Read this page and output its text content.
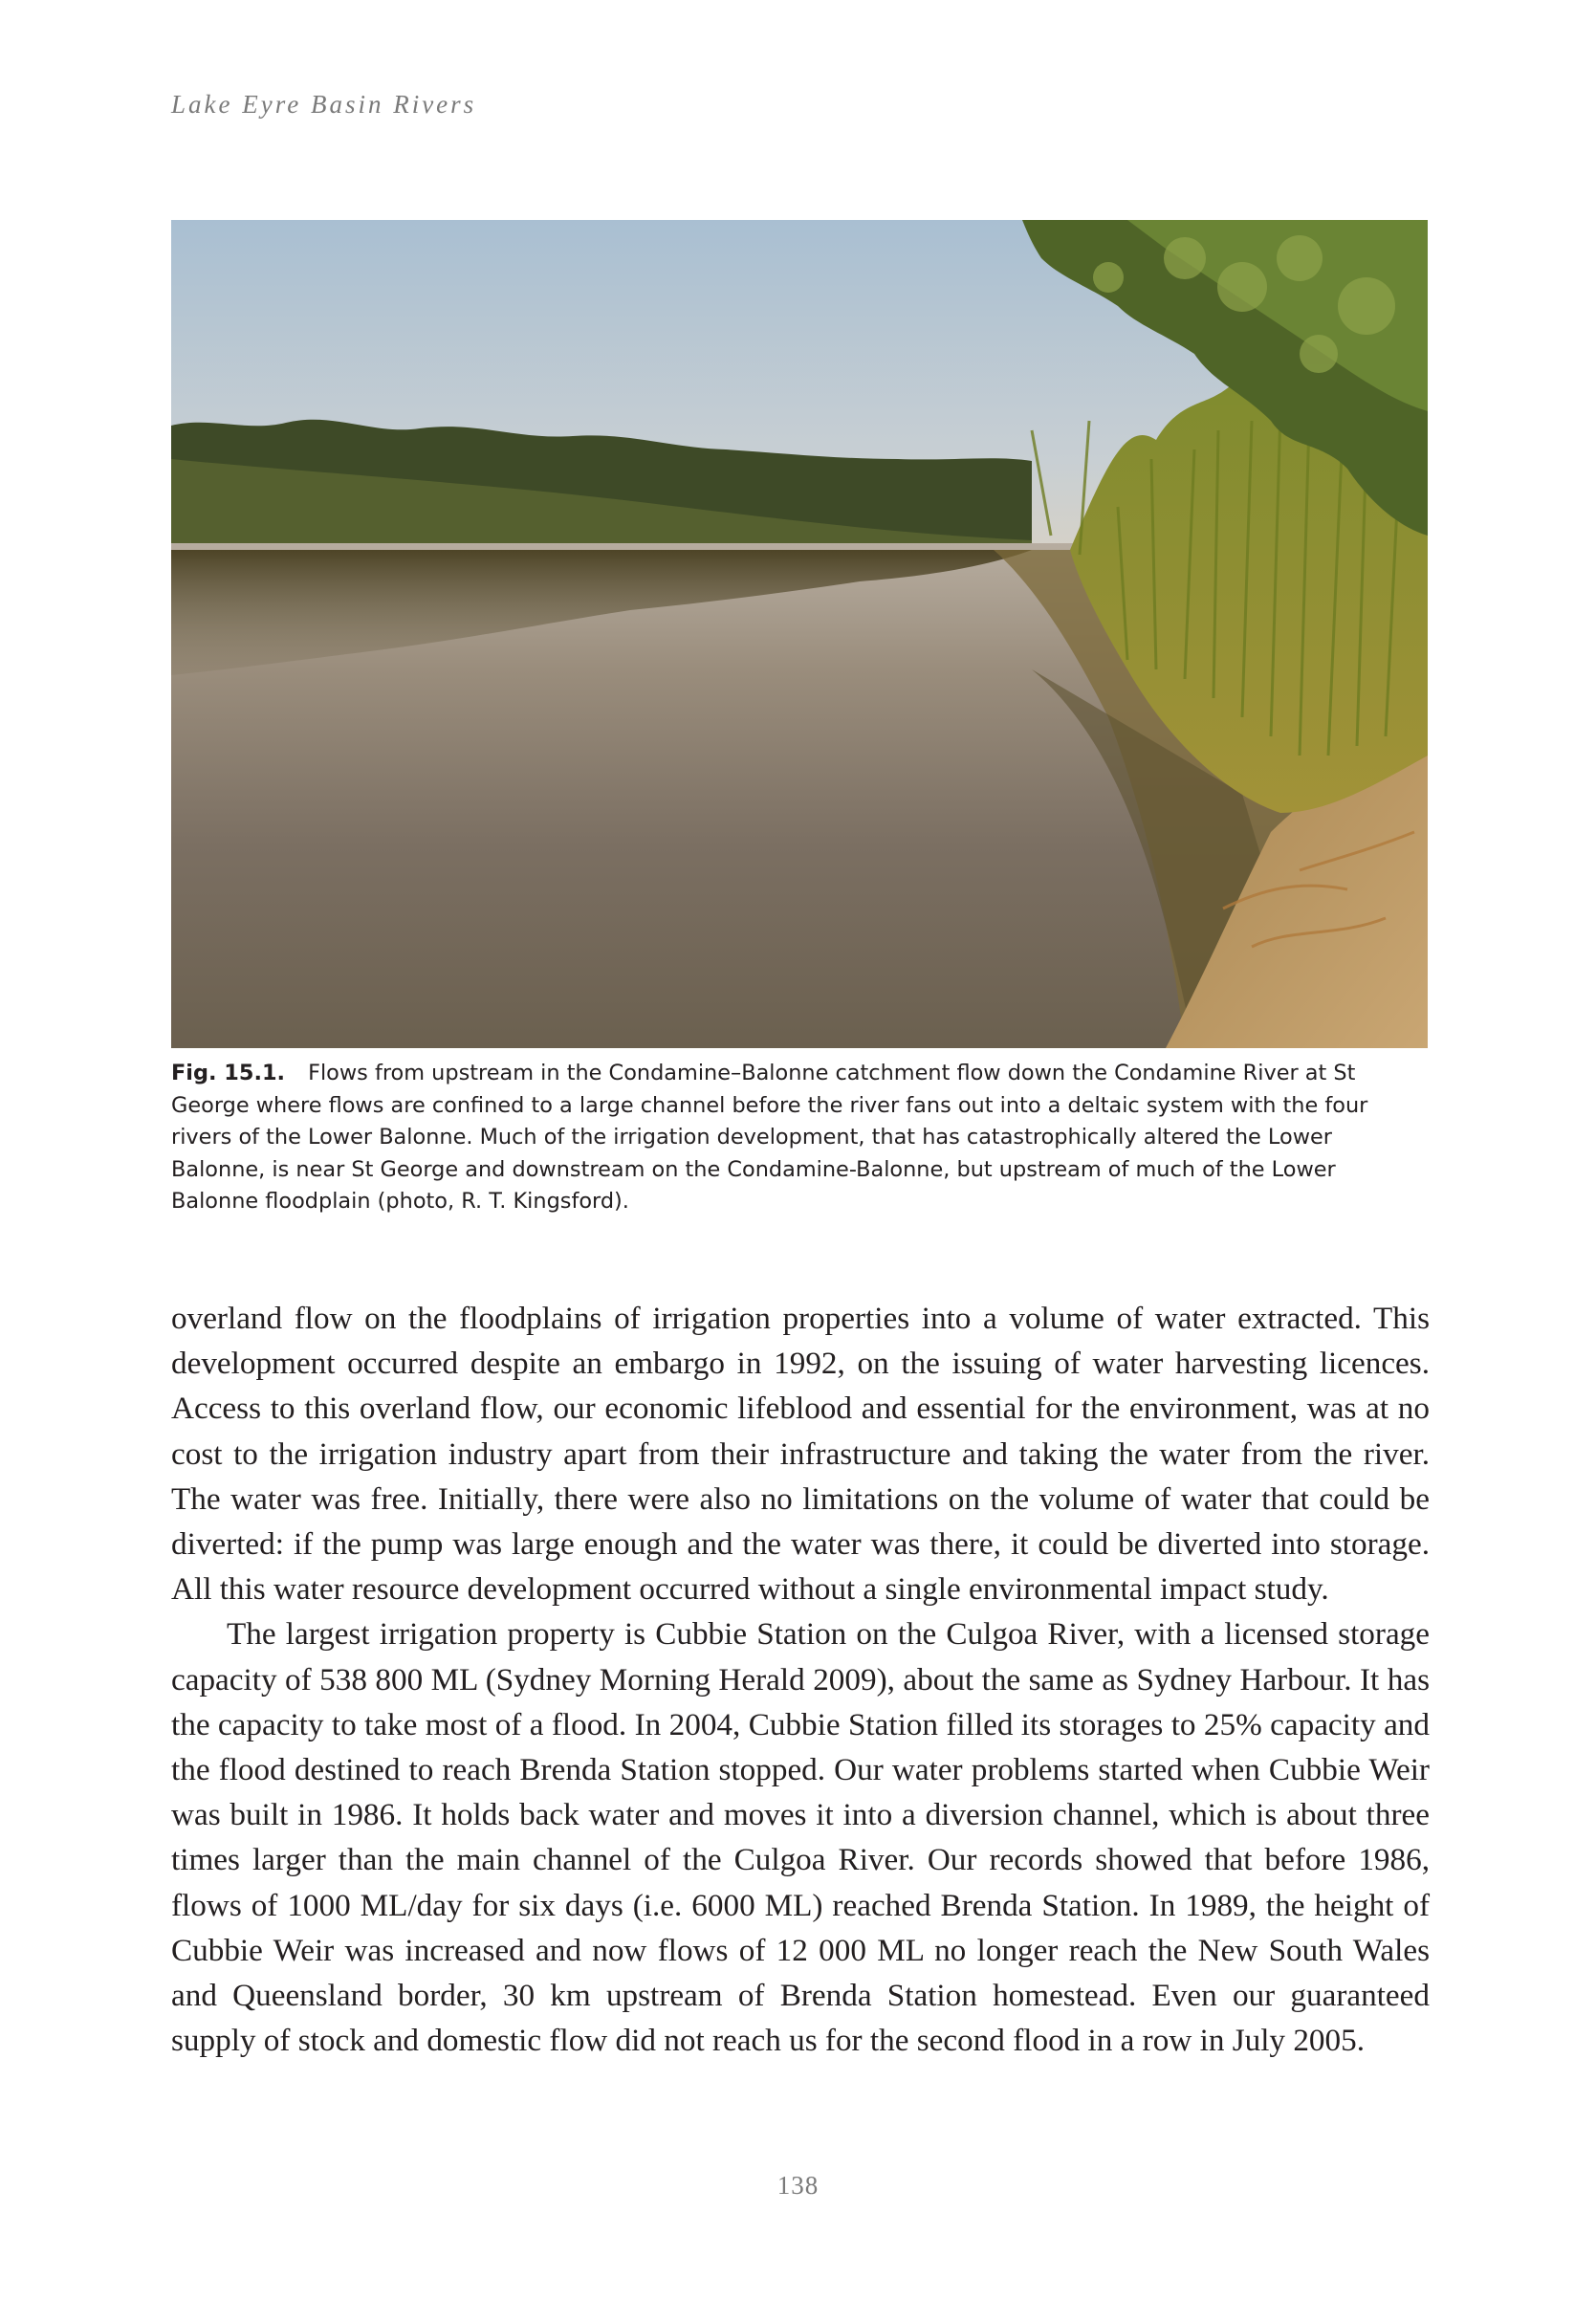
Lake Eyre Basin Rivers
Fig. 15.1. Flows from upstream in the Condamine–Balonne catchment flow down the Condamine River at St George where flows are confined to a large channel before the river fans out into a deltaic system with the four rivers of the Lower Balonne. Much of the irrigation development, that has catastrophically altered the Lower Balonne, is near St George and downstream on the Condamine-Balonne, but upstream of much of the Lower Balonne floodplain (photo, R. T. Kingsford).

overland flow on the floodplains of irrigation properties into a volume of water extracted. This development occurred despite an embargo in 1992, on the issuing of water harvesting licences. Access to this overland flow, our economic lifeblood and essential for the environment, was at no cost to the irrigation industry apart from their infrastructure and taking the water from the river. The water was free. Initially, there were also no limitations on the volume of water that could be diverted: if the pump was large enough and the water was there, it could be diverted into storage. All this water resource development occurred without a single environmental impact study.

The largest irrigation property is Cubbie Station on the Culgoa River, with a licensed storage capacity of 538 800 ML (Sydney Morning Herald 2009), about the same as Sydney Harbour. It has the capacity to take most of a flood. In 2004, Cubbie Station filled its storages to 25% capacity and the flood destined to reach Brenda Station stopped. Our water problems started when Cubbie Weir was built in 1986. It holds back water and moves it into a diversion channel, which is about three times larger than the main channel of the Culgoa River. Our records showed that before 1986, flows of 1000 ML/day for six days (i.e. 6000 ML) reached Brenda Station. In 1989, the height of Cubbie Weir was increased and now flows of 12 000 ML no longer reach the New South Wales and Queensland border, 30 km upstream of Brenda Station homestead. Even our guaranteed supply of stock and domestic flow did not reach us for the second flood in a row in July 2005.

138
